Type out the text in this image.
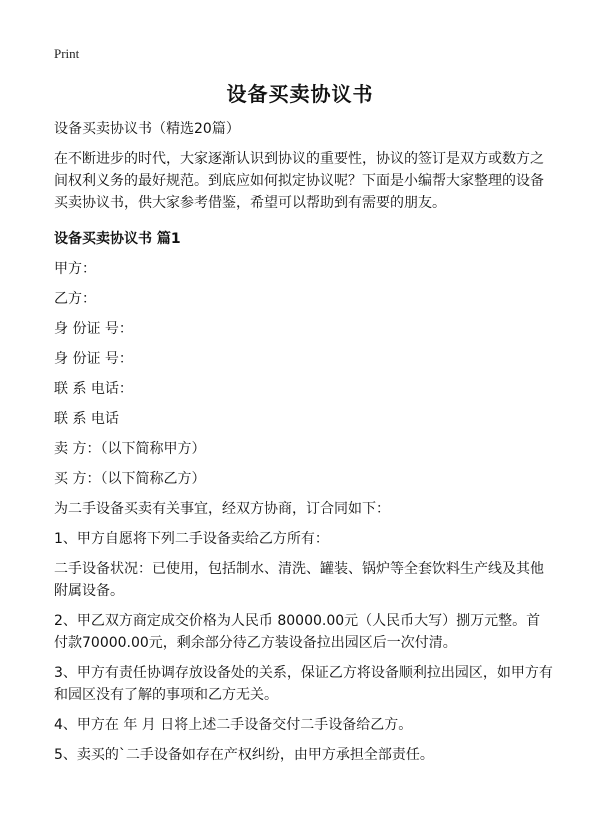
Print
设备买卖协议书

设备买卖协议书（精选20篇）

在不断进步的时代，大家逐渐认识到协议的重要性，协议的签订是双方或数方之间权利义务的最好规范。到底应如何拟定协议呢？下面是小编帮大家整理的设备买卖协议书，供大家参考借鉴，希望可以帮助到有需要的朋友。

设备买卖协议书 篇1

甲方：

乙方：

身 份证 号：

身 份证 号：

联 系 电话：

联 系 电话

卖 方：（以下简称甲方）

买 方：（以下简称乙方）

为二手设备买卖有关事宜，经双方协商，订合同如下：

1、甲方自愿将下列二手设备卖给乙方所有：

二手设备状况：已使用，包括制水、清洗、罐装、锅炉等全套饮料生产线及其他附属设备。

2、甲乙双方商定成交价格为人民币 80000.00元（人民币大写）捌万元整。首 付款70000.00元，剩余部分待乙方装设备拉出园区后一次付清。

3、甲方有责任协调存放设备处的关系，保证乙方将设备顺利拉出园区，如甲方有和园区没有了解的事项和乙方无关。

4、甲方在 年 月 日将上述二手设备交付二手设备给乙方。

5、卖买的`二手设备如存在产权纠纷，由甲方承担全部责任。
